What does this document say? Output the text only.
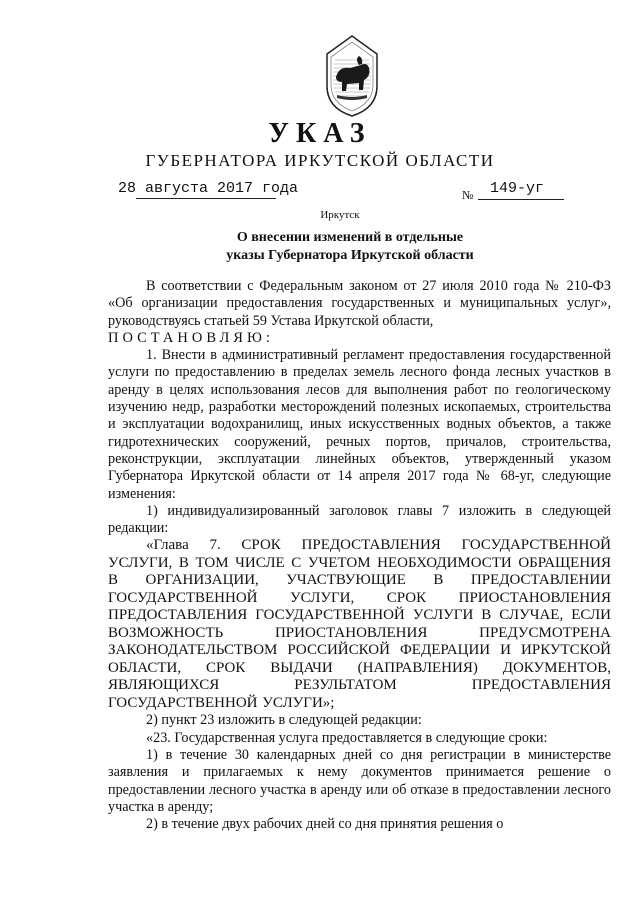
УКАЗ
ГУБЕРНАТОРА ИРКУТСКОЙ ОБЛАСТИ
28 августа 2017 года	№ 149-уг
Иркутск
О внесении изменений в отдельные
указы Губернатора Иркутской области

В соответствии с Федеральным законом от 27 июля 2010 года № 210-ФЗ «Об организации предоставления государственных и муниципальных услуг», руководствуясь статьей 59 Устава Иркутской области,

ПОСТАНОВЛЯЮ:

1. Внести в административный регламент предоставления государственной услуги по предоставлению в пределах земель лесного фонда лесных участков в аренду в целях использования лесов для выполнения работ по геологическому изучению недр, разработки месторождений полезных ископаемых, строительства и эксплуатации водохранилищ, иных искусственных водных объектов, а также гидротехнических сооружений, речных портов, причалов, строительства, реконструкции, эксплуатации линейных объектов, утвержденный указом Губернатора Иркутской области от 14 апреля 2017 года № 68-уг, следующие изменения:

1) индивидуализированный заголовок главы 7 изложить в следующей редакции:

«Глава 7. СРОК ПРЕДОСТАВЛЕНИЯ ГОСУДАРСТВЕННОЙ УСЛУГИ, В ТОМ ЧИСЛЕ С УЧЕТОМ НЕОБХОДИМОСТИ ОБРАЩЕНИЯ В ОРГАНИЗАЦИИ, УЧАСТВУЮЩИЕ В ПРЕДОСТАВЛЕНИИ ГОСУДАРСТВЕННОЙ УСЛУГИ, СРОК ПРИОСТАНОВЛЕНИЯ ПРЕДОСТАВЛЕНИЯ ГОСУДАРСТВЕННОЙ УСЛУГИ В СЛУЧАЕ, ЕСЛИ ВОЗМОЖНОСТЬ ПРИОСТАНОВЛЕНИЯ ПРЕДУСМОТРЕНА ЗАКОНОДАТЕЛЬСТВОМ РОССИЙСКОЙ ФЕДЕРАЦИИ И ИРКУТСКОЙ ОБЛАСТИ, СРОК ВЫДАЧИ (НАПРАВЛЕНИЯ) ДОКУМЕНТОВ, ЯВЛЯЮЩИХСЯ РЕЗУЛЬТАТОМ ПРЕДОСТАВЛЕНИЯ ГОСУДАРСТВЕННОЙ УСЛУГИ»;

2) пункт 23 изложить в следующей редакции:

«23. Государственная услуга предоставляется в следующие сроки:

1) в течение 30 календарных дней со дня регистрации в министерстве заявления и прилагаемых к нему документов принимается решение о предоставлении лесного участка в аренду или об отказе в предоставлении лесного участка в аренду;

2) в течение двух рабочих дней со дня принятия решения о
